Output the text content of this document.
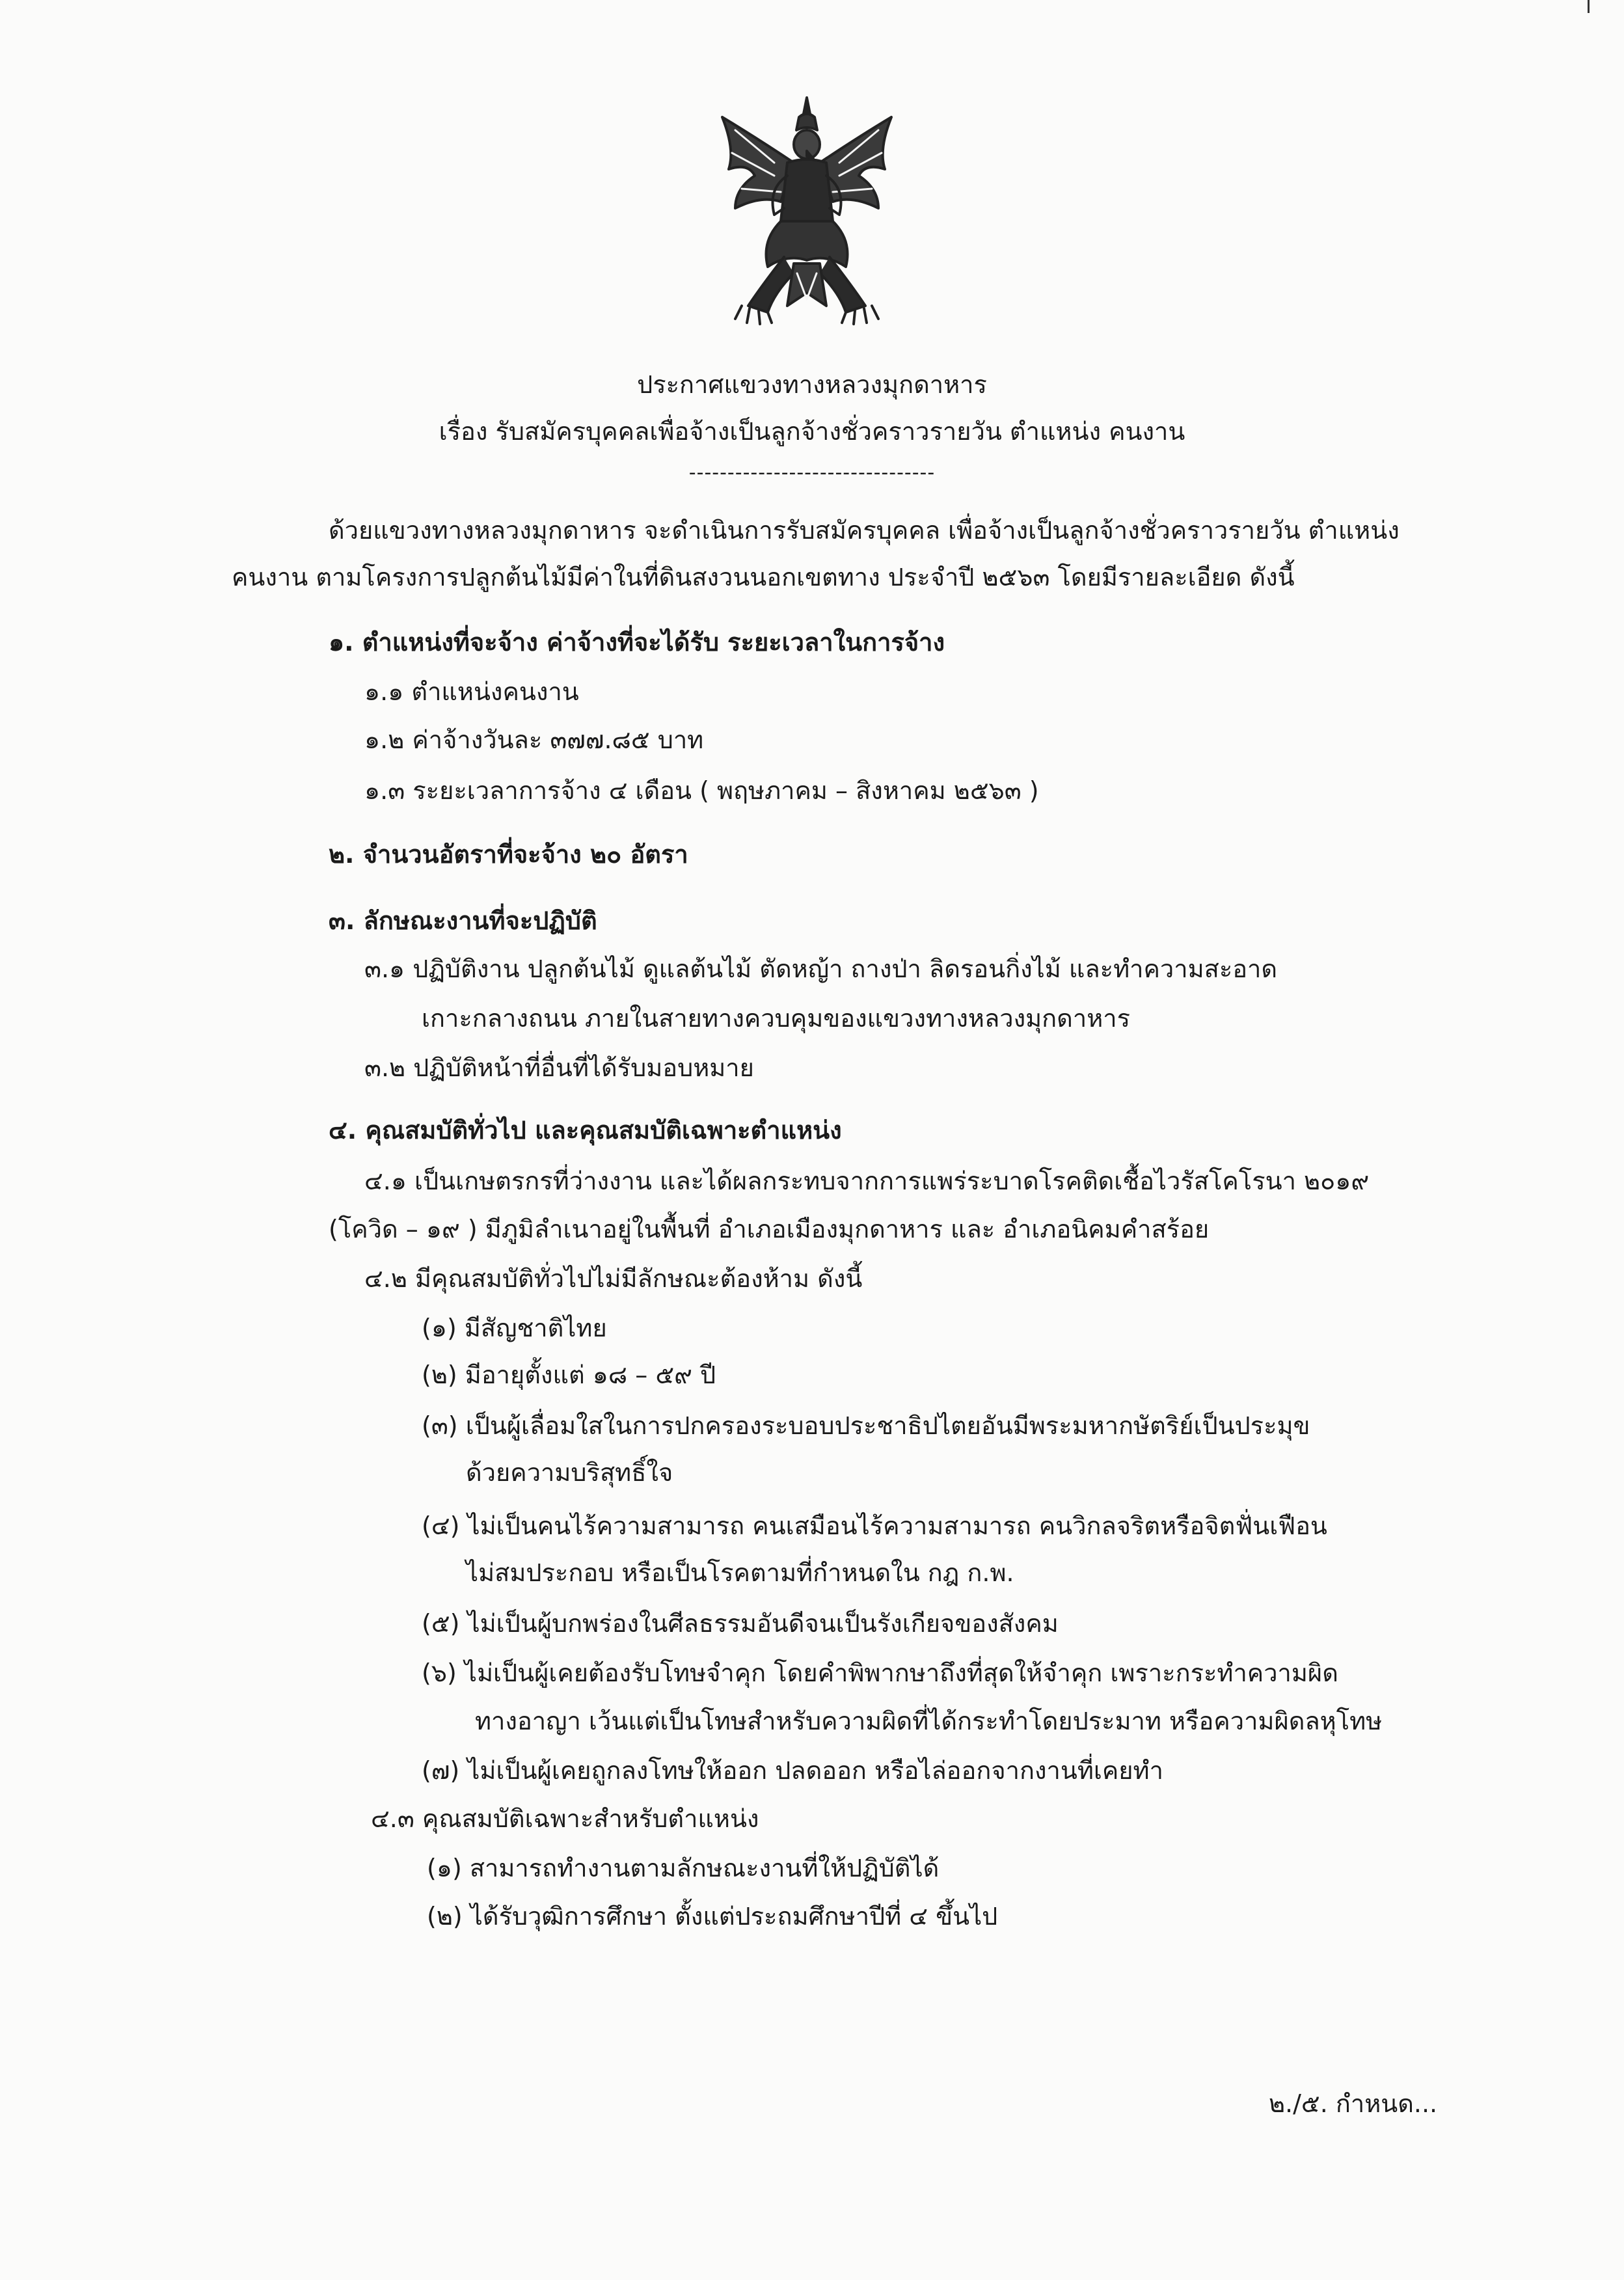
ประกาศแขวงทางหลวงมุกดาหาร
เรื่อง รับสมัครบุคคลเพื่อจ้างเป็นลูกจ้างชั่วคราวรายวัน ตำแหน่ง คนงาน
--------------------------------
ด้วยแขวงทางหลวงมุกดาหาร จะดำเนินการรับสมัครบุคคล เพื่อจ้างเป็นลูกจ้างชั่วคราวรายวัน ตำแหน่ง
คนงาน ตามโครงการปลูกต้นไม้มีค่าในที่ดินสงวนนอกเขตทาง ประจำปี ๒๕๖๓ โดยมีรายละเอียด ดังนี้
๑. ตำแหน่งที่จะจ้าง ค่าจ้างที่จะได้รับ ระยะเวลาในการจ้าง
๑.๑ ตำแหน่งคนงาน
๑.๒ ค่าจ้างวันละ ๓๗๗.๘๕ บาท
๑.๓ ระยะเวลาการจ้าง ๔ เดือน ( พฤษภาคม – สิงหาคม ๒๕๖๓ )
๒. จำนวนอัตราที่จะจ้าง ๒๐ อัตรา
๓. ลักษณะงานที่จะปฏิบัติ
๓.๑ ปฏิบัติงาน ปลูกต้นไม้ ดูแลต้นไม้ ตัดหญ้า ถางป่า ลิดรอนกิ่งไม้ และทำความสะอาด
เกาะกลางถนน ภายในสายทางควบคุมของแขวงทางหลวงมุกดาหาร
๓.๒ ปฏิบัติหน้าที่อื่นที่ได้รับมอบหมาย
๔. คุณสมบัติทั่วไป และคุณสมบัติเฉพาะตำแหน่ง
๔.๑ เป็นเกษตรกรที่ว่างงาน และได้ผลกระทบจากการแพร่ระบาดโรคติดเชื้อไวรัสโคโรนา ๒๐๑๙
(โควิด – ๑๙ ) มีภูมิลำเนาอยู่ในพื้นที่ อำเภอเมืองมุกดาหาร และ อำเภอนิคมคำสร้อย
๔.๒ มีคุณสมบัติทั่วไปไม่มีลักษณะต้องห้าม ดังนี้
(๑) มีสัญชาติไทย
(๒) มีอายุตั้งแต่ ๑๘ – ๕๙ ปี
(๓) เป็นผู้เลื่อมใสในการปกครองระบอบประชาธิปไตยอันมีพระมหากษัตริย์เป็นประมุข
ด้วยความบริสุทธิ์ใจ
(๔) ไม่เป็นคนไร้ความสามารถ คนเสมือนไร้ความสามารถ คนวิกลจริตหรือจิตฟั่นเฟือน
ไม่สมประกอบ หรือเป็นโรคตามที่กำหนดใน กฎ ก.พ.
(๕) ไม่เป็นผู้บกพร่องในศีลธรรมอันดีจนเป็นรังเกียจของสังคม
(๖) ไม่เป็นผู้เคยต้องรับโทษจำคุก โดยคำพิพากษาถึงที่สุดให้จำคุก เพราะกระทำความผิด
ทางอาญา เว้นแต่เป็นโทษสำหรับความผิดที่ได้กระทำโดยประมาท หรือความผิดลหุโทษ
(๗) ไม่เป็นผู้เคยถูกลงโทษให้ออก ปลดออก หรือไล่ออกจากงานที่เคยทำ
๔.๓ คุณสมบัติเฉพาะสำหรับตำแหน่ง
(๑) สามารถทำงานตามลักษณะงานที่ให้ปฏิบัติได้
(๒) ได้รับวุฒิการศึกษา ตั้งแต่ประถมศึกษาปีที่ ๔ ขึ้นไป
๒./๕. กำหนด...
